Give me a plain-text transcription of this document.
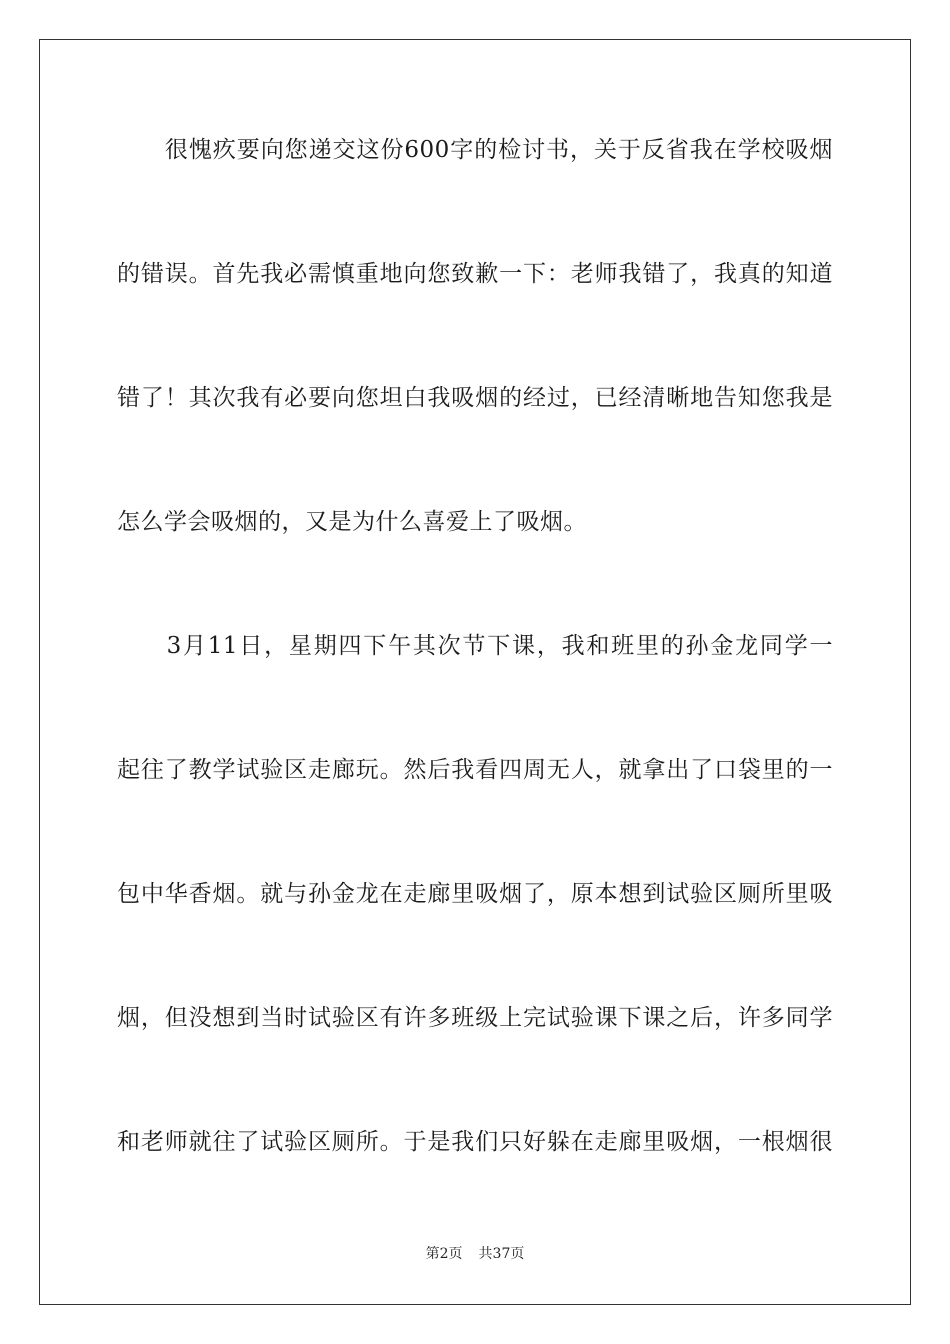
　　很愧疚要向您递交这份600字的检讨书，关于反省我在学校吸烟
的错误。首先我必需慎重地向您致歉一下：老师我错了，我真的知道
错了！其次我有必要向您坦白我吸烟的经过，已经清晰地告知您我是
怎么学会吸烟的，又是为什么喜爱上了吸烟。
　　3月11日，星期四下午其次节下课，我和班里的孙金龙同学一
起往了教学试验区走廊玩。然后我看四周无人，就拿出了口袋里的一
包中华香烟。就与孙金龙在走廊里吸烟了，原本想到试验区厕所里吸
烟，但没想到当时试验区有许多班级上完试验课下课之后，许多同学
和老师就往了试验区厕所。于是我们只好躲在走廊里吸烟，一根烟很
第2页 共37页
